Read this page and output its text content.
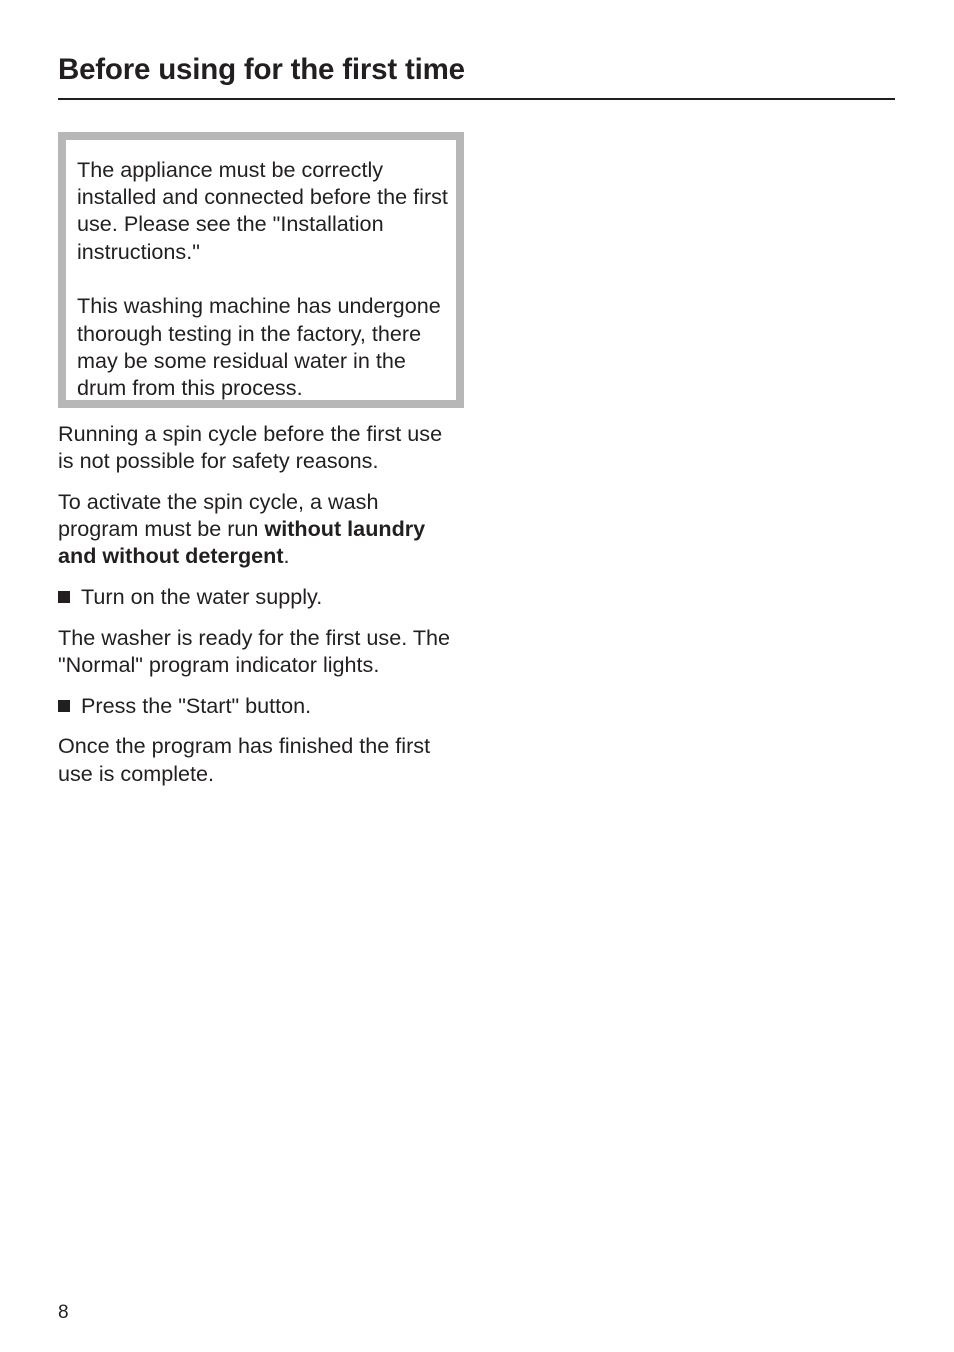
Before using for the first time

The appliance must be correctly installed and connected before the first use. Please see the "Installation instructions."

This washing machine has undergone thorough testing in the factory, there may be some residual water in the drum from this process.

Running a spin cycle before the first use is not possible for safety reasons.

To activate the spin cycle, a wash program must be run without laundry and without detergent.

Turn on the water supply.

The washer is ready for the first use. The "Normal" program indicator lights.

Press the "Start" button.

Once the program has finished the first use is complete.

8
